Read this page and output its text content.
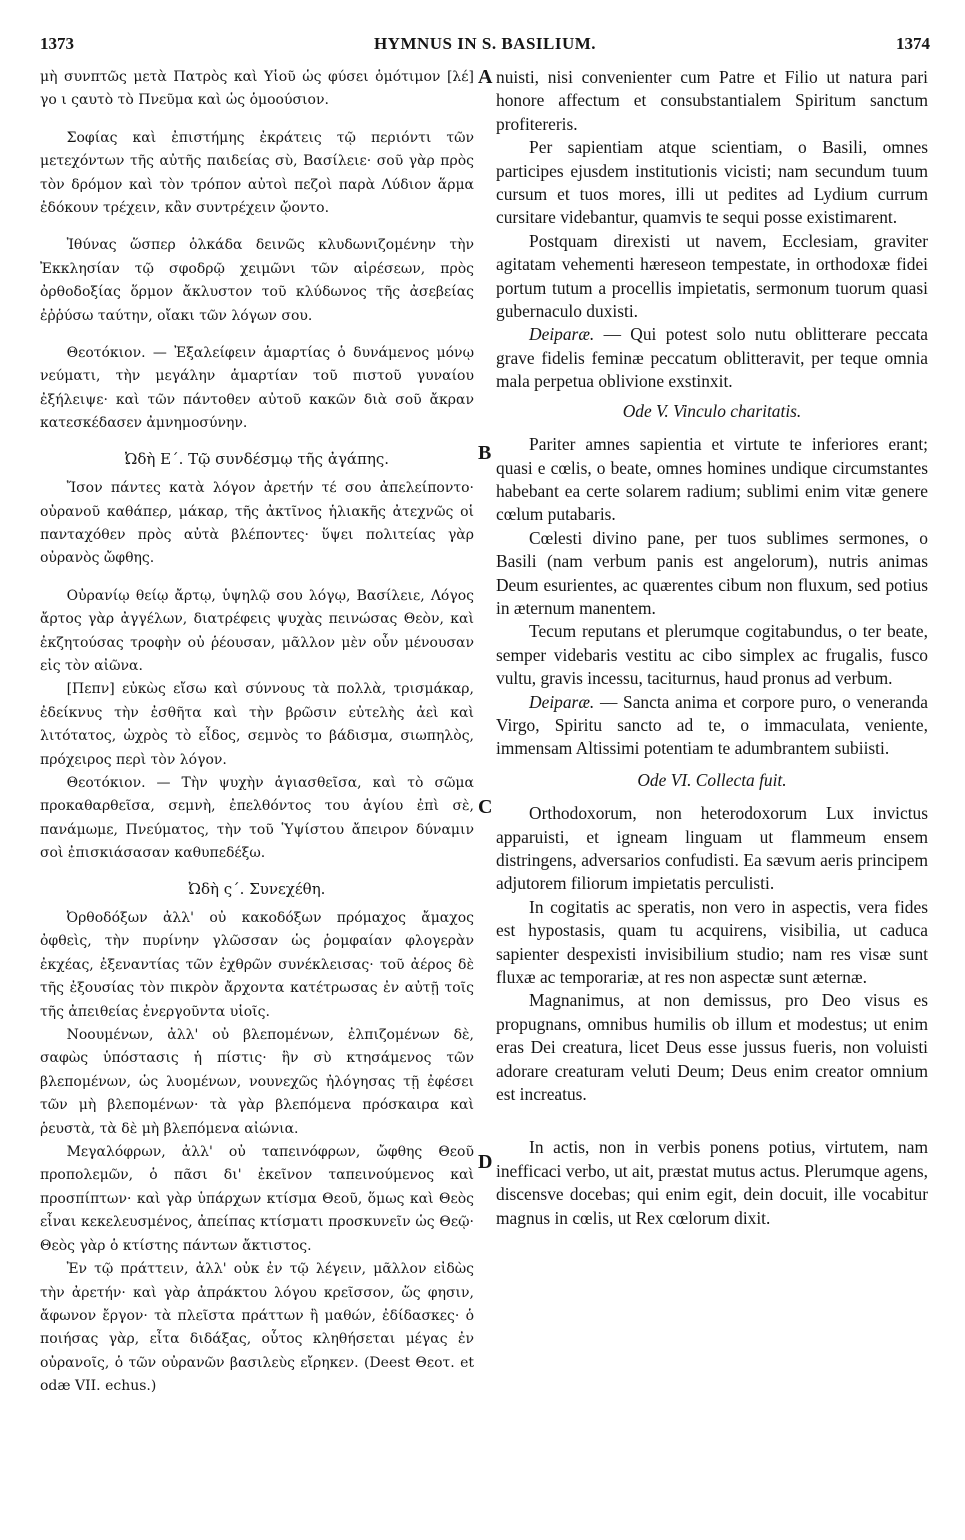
1373	HYMNUS IN S. BASILIUM.	1374
A
B
C
D

μὴ συνπτῶς μετὰ Πατρὸς καὶ Υἱοῦ ὡς φύσει ὁμότιμον [λέ] γο ι ςαυτὸ τὸ Πνεῦμα καὶ ὡς ὁμοούσιον.

Σοφίας καὶ ἐπιστήμης ἐκράτεις τῷ περιόντι τῶν μετεχόντων τῆς αὐτῆς παιδείας σὺ, Βασίλειε· σοῦ γὰρ πρὸς τὸν δρόμον καὶ τὸν τρόπον αὐτοὶ πεζοὶ παρὰ Λύδιον ἅρμα ἐδόκουν τρέχειν, κἂν συντρέχειν ᾤοντο.

Ἰθύνας ὥσπερ ὁλκάδα δεινῶς κλυδωνιζομένην τὴν Ἐκκλησίαν τῷ σφοδρῷ χειμῶνι τῶν αἱρέσεων, πρὸς ὀρθοδοξίας ὅρμον ἄκλυστον τοῦ κλύδωνος τῆς ἀσεβείας ἐῤῥύσω ταύτην, οἴακι τῶν λόγων σου.

Θεοτόκιον. — Ἐξαλείφειν ἁμαρτίας ὁ δυνάμενος μόνῳ νεύματι, τὴν μεγάλην ἁμαρτίαν τοῦ πιστοῦ γυναίου ἐξήλειψε· καὶ τῶν πάντοθεν αὐτοῦ κακῶν διὰ σοῦ ἄκραν κατεσκέδασεν ἀμνημοσύνην.

Ὠδὴ Ε΄. Τῷ συνδέσμῳ τῆς ἀγάπης.

Ἴσον πάντες κατὰ λόγον ἀρετήν τέ σου ἀπελείποντο· οὐρανοῦ καθάπερ, μάκαρ, τῆς ἀκτῖνος ἡλιακῆς ἀτεχνῶς οἱ πανταχόθεν πρὸς αὐτὰ βλέποντες· ὕψει πολιτείας γὰρ οὐρανὸς ὤφθης.

Οὐρανίῳ θείῳ ἄρτῳ, ὑψηλῷ σου λόγῳ, Βασίλειε, Λόγος ἄρτος γὰρ ἀγγέλων, διατρέφεις ψυχὰς πεινώσας Θεὸν, καὶ ἐκζητούσας τροφὴν οὐ ῥέουσαν, μᾶλλον μὲν οὖν μένουσαν εἰς τὸν αἰῶνα.

[Πεπν] εὐκὼς εἴσω καὶ σύννους τὰ πολλὰ, τρισμάκαρ, ἐδείκνυς τὴν ἐσθῆτα καὶ τὴν βρῶσιν εὐτελὴς ἀεὶ καὶ λιτότατος, ὠχρὸς τὸ εἶδος, σεμνὸς το βάδισμα, σιωπηλὸς, πρόχειρος περὶ τὸν λόγον.

Θεοτόκιον. — Τὴν ψυχὴν ἁγιασθεῖσα, καὶ τὸ σῶμα προκαθαρθεῖσα, σεμνὴ, ἐπελθόντος του ἁγίου ἐπὶ σὲ, πανάμωμε, Πνεύματος, τὴν τοῦ Ὑψίστου ἄπειρον δύναμιν σοὶ ἐπισκιάσασαν καθυπεδέξω.

Ὠδὴ ς΄. Συνεχέθη.

Ὀρθοδόξων ἀλλ' οὐ κακοδόξων πρόμαχος ἄμαχος ὀφθεὶς, τὴν πυρίνην γλῶσσαν ὡς ῥομφαίαν φλογερὰν ἐκχέας, ἐξεναντίας τῶν ἐχθρῶν συνέκλεισας· τοῦ ἀέρος δὲ τῆς ἐξουσίας τὸν πικρὸν ἄρχοντα κατέτρωσας ἐν αὐτῇ τοῖς τῆς ἀπειθείας ἐνεργοῦντα υἱοῖς.

Νοουμένων, ἀλλ' οὐ βλεπομένων, ἐλπιζομένων δὲ, σαφὼς ὑπόστασις ἡ πίστις· ἣν σὺ κτησάμενος τῶν βλεπομένων, ὡς λυομένων, νουνεχῶς ἠλόγησας τῇ ἐφέσει τῶν μὴ βλεπομένων· τὰ γὰρ βλεπόμενα πρόσκαιρα καὶ ῥευστὰ, τὰ δὲ μὴ βλεπόμενα αἰώνια.

Μεγαλόφρων, ἀλλ' οὐ ταπεινόφρων, ὤφθης Θεοῦ προπολεμῶν, ὁ πᾶσι δι' ἐκεῖνον ταπεινούμενος καὶ προσπίπτων· καὶ γὰρ ὑπάρχων κτίσμα Θεοῦ, ὅμως καὶ Θεὸς εἶναι κεκελευσμένος, ἀπείπας κτίσματι προσκυνεῖν ὡς Θεῷ· Θεὸς γὰρ ὁ κτίστης πάντων ἄκτιστος.

Ἐν τῷ πράττειν, ἀλλ' οὐκ ἐν τῷ λέγειν, μᾶλλον εἰδὼς τὴν ἀρετήν· καὶ γὰρ ἀπράκτου λόγου κρεῖσσον, ὥς φησιν, ἄφωνον ἔργον· τὰ πλεῖστα πράττων ἢ μαθών, ἐδίδασκες· ὁ ποιήσας γὰρ, εἶτα διδάξας, οὗτος κληθήσεται μέγας ἐν οὐρανοῖς, ὁ τῶν οὐρανῶν βασιλεὺς εἴρηκεν. (Deest Θεοτ. et odæ VII. echus.)

nuisti, nisi convenienter cum Patre et Filio ut natura pari honore affectum et consubstantialem Spiritum sanctum profitereris.

Per sapientiam atque scientiam, o Basili, omnes participes ejusdem institutionis vicisti; nam secundum tuum cursum et tuos mores, illi ut pedites ad Lydium currum cursitare videbantur, quamvis te sequi posse existimarent.

Postquam direxisti ut navem, Ecclesiam, graviter agitatam vehementi hæreseon tempestate, in orthodoxæ fidei portum tutum a procellis impietatis, sermonum tuorum quasi gubernaculo duxisti.

Deiparæ. — Qui potest solo nutu oblitterare peccata grave fidelis feminæ peccatum oblitteravit, per teque omnia mala perpetua oblivione exstinxit.

Ode V. Vinculo charitatis.

Pariter amnes sapientia et virtute te inferiores erant; quasi e cœlis, o beate, omnes homines undique circumstantes habebant ea certe solarem radium; sublimi enim vitæ genere cœlum putabaris.

Cœlesti divino pane, per tuos sublimes sermones, o Basili (nam verbum panis est angelorum), nutris animas Deum esurientes, ac quærentes cibum non fluxum, sed potius in æternum manentem.

Tecum reputans et plerumque cogitabundus, o ter beate, semper videbaris vestitu ac cibo simplex ac frugalis, fusco vultu, gravis incessu, taciturnus, haud pronus ad verbum.

Deiparæ. — Sancta anima et corpore puro, o veneranda Virgo, Spiritu sancto ad te, o immaculata, veniente, immensam Altissimi potentiam te adumbrantem subiisti.

Ode VI. Collecta fuit.

Orthodoxorum, non heterodoxorum Lux invictus apparuisti, et igneam linguam ut flammeum ensem distringens, adversarios confudisti. Ea sævum aeris principem adjutorem filiorum impietatis perculisti.

In cogitatis ac speratis, non vero in aspectis, vera fides est hypostasis, quam tu acquirens, visibilia, ut caduca sapienter despexisti invisibilium studio; nam res visæ sunt fluxæ ac temporariæ, at res non aspectæ sunt æternæ.

Magnanimus, at non demissus, pro Deo visus es propugnans, omnibus humilis ob illum et modestus; ut enim eras Dei creatura, licet Deus esse jussus fueris, non voluisti adorare creaturam veluti Deum; Deus enim creator omnium est increatus.

In actis, non in verbis ponens potius, virtutem, nam inefficaci verbo, ut ait, præstat mutus actus. Plerumque agens, discensve docebas; qui enim egit, dein docuit, ille vocabitur magnus in cœlis, ut Rex cœlorum dixit.
